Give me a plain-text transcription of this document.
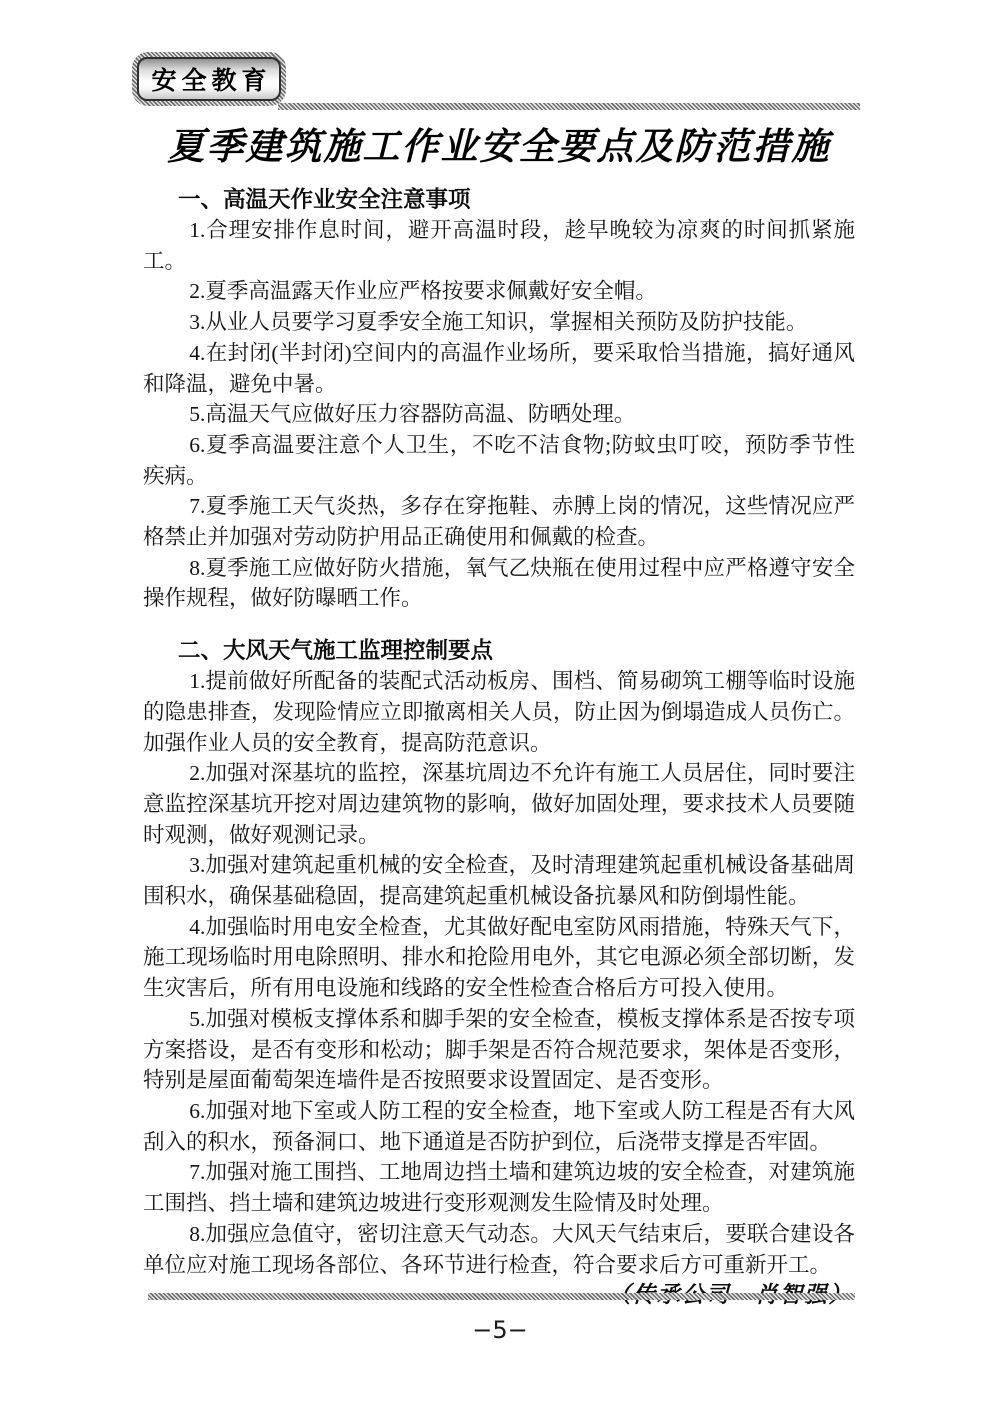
安全教育
夏季建筑施工作业安全要点及防范措施
一、高温天作业安全注意事项

1.合理安排作息时间，避开高温时段，趁早晚较为凉爽的时间抓紧施工。

2.夏季高温露天作业应严格按要求佩戴好安全帽。

3.从业人员要学习夏季安全施工知识，掌握相关预防及防护技能。

4.在封闭(半封闭)空间内的高温作业场所，要采取恰当措施，搞好通风和降温，避免中暑。

5.高温天气应做好压力容器防高温、防晒处理。

6.夏季高温要注意个人卫生，不吃不洁食物;防蚊虫叮咬，预防季节性疾病。

7.夏季施工天气炎热，多存在穿拖鞋、赤膊上岗的情况，这些情况应严格禁止并加强对劳动防护用品正确使用和佩戴的检查。

8.夏季施工应做好防火措施，氧气乙炔瓶在使用过程中应严格遵守安全操作规程，做好防曝晒工作。

二、大风天气施工监理控制要点

1.提前做好所配备的装配式活动板房、围档、简易砌筑工棚等临时设施的隐患排查，发现险情应立即撤离相关人员，防止因为倒塌造成人员伤亡。加强作业人员的安全教育，提高防范意识。

2.加强对深基坑的监控，深基坑周边不允许有施工人员居住，同时要注意监控深基坑开挖对周边建筑物的影响，做好加固处理，要求技术人员要随时观测，做好观测记录。

3.加强对建筑起重机械的安全检查，及时清理建筑起重机械设备基础周围积水，确保基础稳固，提高建筑起重机械设备抗暴风和防倒塌性能。

4.加强临时用电安全检查，尤其做好配电室防风雨措施，特殊天气下，施工现场临时用电除照明、排水和抢险用电外，其它电源必须全部切断，发生灾害后，所有用电设施和线路的安全性检查合格后方可投入使用。

5.加强对模板支撑体系和脚手架的安全检查，模板支撑体系是否按专项方案搭设，是否有变形和松动；脚手架是否符合规范要求，架体是否变形，特别是屋面葡萄架连墙件是否按照要求设置固定、是否变形。

6.加强对地下室或人防工程的安全检查，地下室或人防工程是否有大风刮入的积水，预备洞口、地下通道是否防护到位，后浇带支撑是否牢固。

7.加强对施工围挡、工地周边挡土墙和建筑边坡的安全检查，对建筑施工围挡、挡土墙和建筑边坡进行变形观测发生险情及时处理。

8.加强应急值守，密切注意天气动态。大风天气结束后，要联合建设各单位应对施工现场各部位、各环节进行检查，符合要求后方可重新开工。

−5−
